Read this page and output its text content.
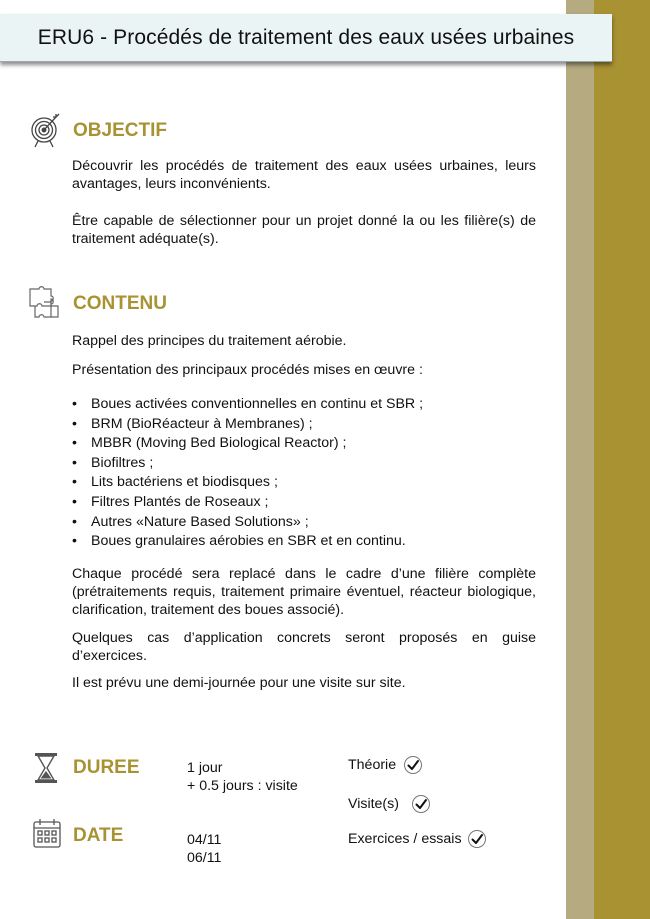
ERU6 - Procédés de traitement des eaux usées urbaines
OBJECTIF

Découvrir les procédés de traitement des eaux usées urbaines, leurs avantages, leurs inconvénients.

Être capable de sélectionner pour un projet donné la ou les filière(s) de traitement adéquate(s).

CONTENU

Rappel des principes du traitement aérobie.

Présentation des principaux procédés mises en œuvre :

• Boues activées conventionnelles en continu et SBR ;
• BRM (BioRéacteur à Membranes) ;
• MBBR (Moving Bed Biological Reactor) ;
• Biofiltres ;
• Lits bactériens et biodisques ;
• Filtres Plantés de Roseaux ;
• Autres «Nature Based Solutions» ;
• Boues granulaires aérobies en SBR et en continu.

Chaque procédé sera replacé dans le cadre d’une filière complète (prétraitements requis, traitement primaire éventuel, réacteur biologique, clarification, traitement des boues associé).

Quelques cas d’application concrets seront proposés en guise d’exercices.

Il est prévu une demi-journée pour une visite sur site.

DUREE	1 jour

+ 0.5 jours : visite

DATE	04/11

06/11

Théorie

Visite(s)

Exercices / essais
